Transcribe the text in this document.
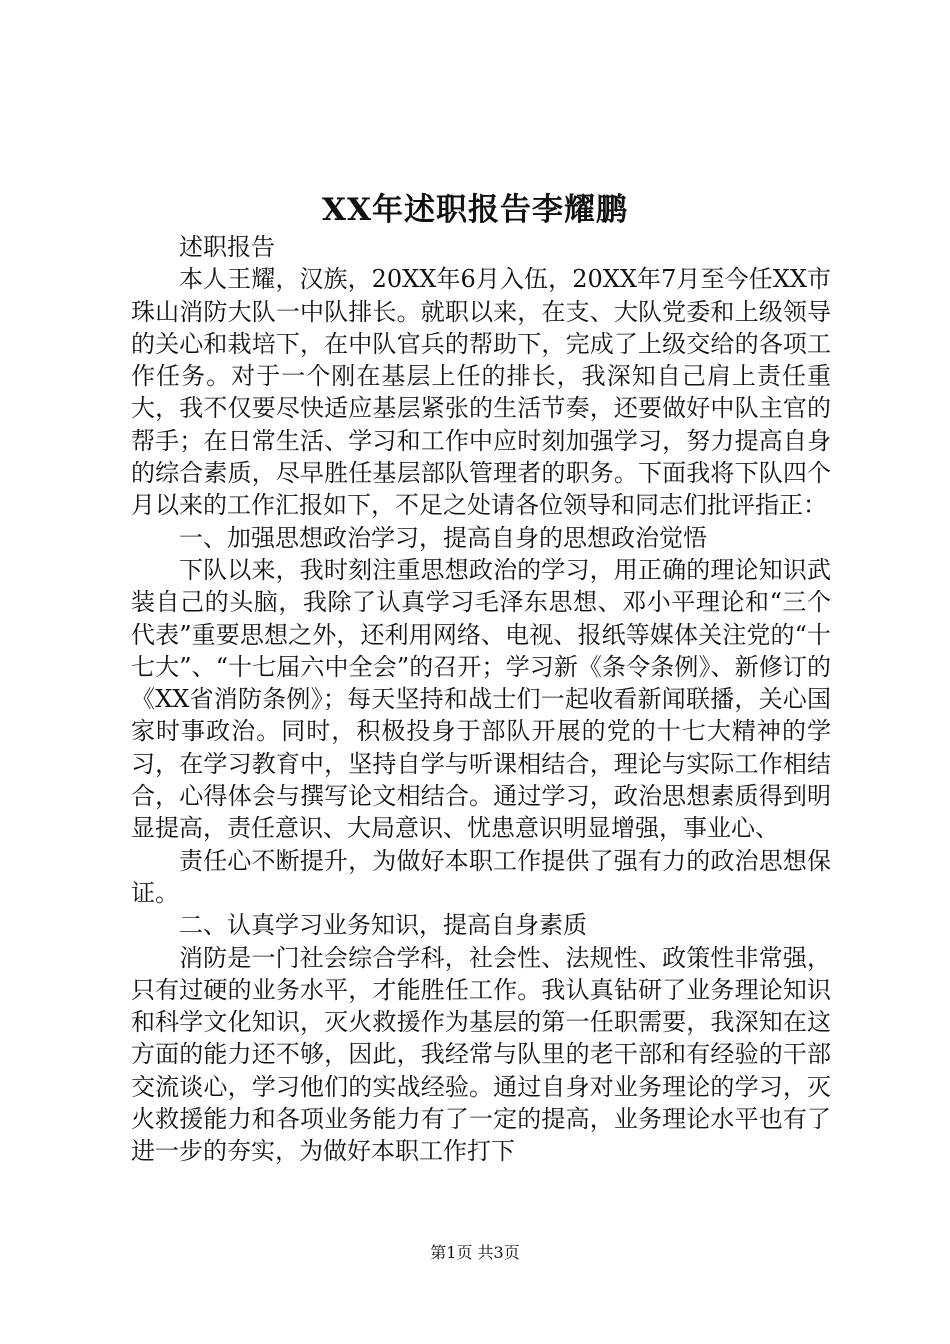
XX年述职报告李耀鹏

述职报告

本人王耀，汉族，20XX年6月入伍，20XX年7月至今任XX市珠山消防大队一中队排长。就职以来，在支、大队党委和上级领导的关心和栽培下，在中队官兵的帮助下，完成了上级交给的各项工作任务。对于一个刚在基层上任的排长，我深知自己肩上责任重大，我不仅要尽快适应基层紧张的生活节奏，还要做好中队主官的帮手；在日常生活、学习和工作中应时刻加强学习，努力提高自身的综合素质，尽早胜任基层部队管理者的职务。下面我将下队四个月以来的工作汇报如下，不足之处请各位领导和同志们批评指正：

一、加强思想政治学习，提高自身的思想政治觉悟

下队以来，我时刻注重思想政治的学习，用正确的理论知识武装自己的头脑，我除了认真学习毛泽东思想、邓小平理论和“三个代表”重要思想之外，还利用网络、电视、报纸等媒体关注党的“十七大”、“十七届六中全会”的召开；学习新《条令条例》、新修订的《XX省消防条例》；每天坚持和战士们一起收看新闻联播，关心国家时事政治。同时，积极投身于部队开展的党的十七大精神的学习，在学习教育中，坚持自学与听课相结合，理论与实际工作相结合，心得体会与撰写论文相结合。通过学习，政治思想素质得到明显提高，责任意识、大局意识、忧患意识明显增强，事业心、

责任心不断提升，为做好本职工作提供了强有力的政治思想保证。

二、认真学习业务知识，提高自身素质

消防是一门社会综合学科，社会性、法规性、政策性非常强，只有过硬的业务水平，才能胜任工作。我认真钻研了业务理论知识和科学文化知识，灭火救援作为基层的第一任职需要，我深知在这方面的能力还不够，因此，我经常与队里的老干部和有经验的干部交流谈心，学习他们的实战经验。通过自身对业务理论的学习，灭火救援能力和各项业务能力有了一定的提高，业务理论水平也有了进一步的夯实，为做好本职工作打下

第1页 共3页
